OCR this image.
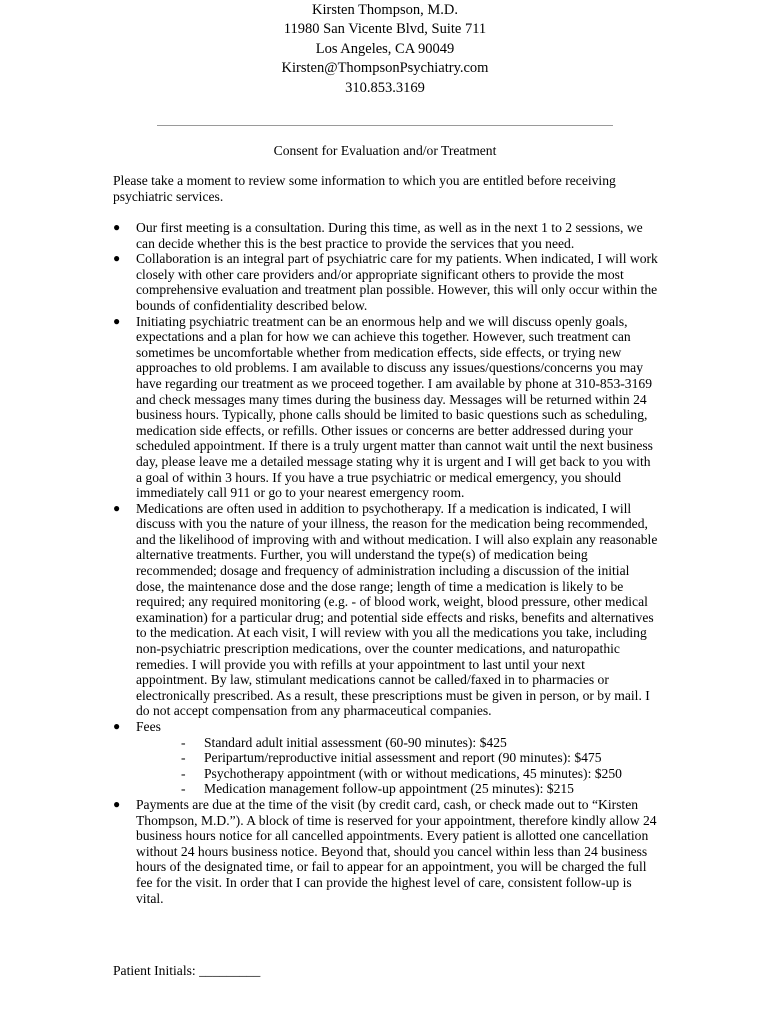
Kirsten Thompson, M.D.
11980 San Vicente Blvd, Suite 711
Los Angeles, CA 90049
Kirsten@ThompsonPsychiatry.com
310.853.3169
Consent for Evaluation and/or Treatment
Please take a moment to review some information to which you are entitled before receiving psychiatric services.
● Our first meeting is a consultation. During this time, as well as in the next 1 to 2 sessions, we can decide whether this is the best practice to provide the services that you need.
● Collaboration is an integral part of psychiatric care for my patients. When indicated, I will work closely with other care providers and/or appropriate significant others to provide the most comprehensive evaluation and treatment plan possible. However, this will only occur within the bounds of confidentiality described below.
● Initiating psychiatric treatment can be an enormous help and we will discuss openly goals, expectations and a plan for how we can achieve this together. However, such treatment can sometimes be uncomfortable whether from medication effects, side effects, or trying new approaches to old problems. I am available to discuss any issues/questions/concerns you may have regarding our treatment as we proceed together. I am available by phone at 310-853-3169 and check messages many times during the business day. Messages will be returned within 24 business hours. Typically, phone calls should be limited to basic questions such as scheduling, medication side effects, or refills. Other issues or concerns are better addressed during your scheduled appointment. If there is a truly urgent matter than cannot wait until the next business day, please leave me a detailed message stating why it is urgent and I will get back to you with a goal of within 3 hours. If you have a true psychiatric or medical emergency, you should immediately call 911 or go to your nearest emergency room.
● Medications are often used in addition to psychotherapy. If a medication is indicated, I will discuss with you the nature of your illness, the reason for the medication being recommended, and the likelihood of improving with and without medication. I will also explain any reasonable alternative treatments. Further, you will understand the type(s) of medication being recommended; dosage and frequency of administration including a discussion of the initial dose, the maintenance dose and the dose range; length of time a medication is likely to be required; any required monitoring (e.g. - of blood work, weight, blood pressure, other medical examination) for a particular drug; and potential side effects and risks, benefits and alternatives to the medication. At each visit, I will review with you all the medications you take, including non-psychiatric prescription medications, over the counter medications, and naturopathic remedies. I will provide you with refills at your appointment to last until your next appointment. By law, stimulant medications cannot be called/faxed in to pharmacies or electronically prescribed. As a result, these prescriptions must be given in person, or by mail. I do not accept compensation from any pharmaceutical companies.
● Fees
- Standard adult initial assessment (60-90 minutes): $425
- Peripartum/reproductive initial assessment and report (90 minutes): $475
- Psychotherapy appointment (with or without medications, 45 minutes): $250
- Medication management follow-up appointment (25 minutes): $215
● Payments are due at the time of the visit (by credit card, cash, or check made out to “Kirsten Thompson, M.D.”). A block of time is reserved for your appointment, therefore kindly allow 24 business hours notice for all cancelled appointments. Every patient is allotted one cancellation without 24 hours business notice. Beyond that, should you cancel within less than 24 business hours of the designated time, or fail to appear for an appointment, you will be charged the full fee for the visit. In order that I can provide the highest level of care, consistent follow-up is vital.
Patient Initials: _________
